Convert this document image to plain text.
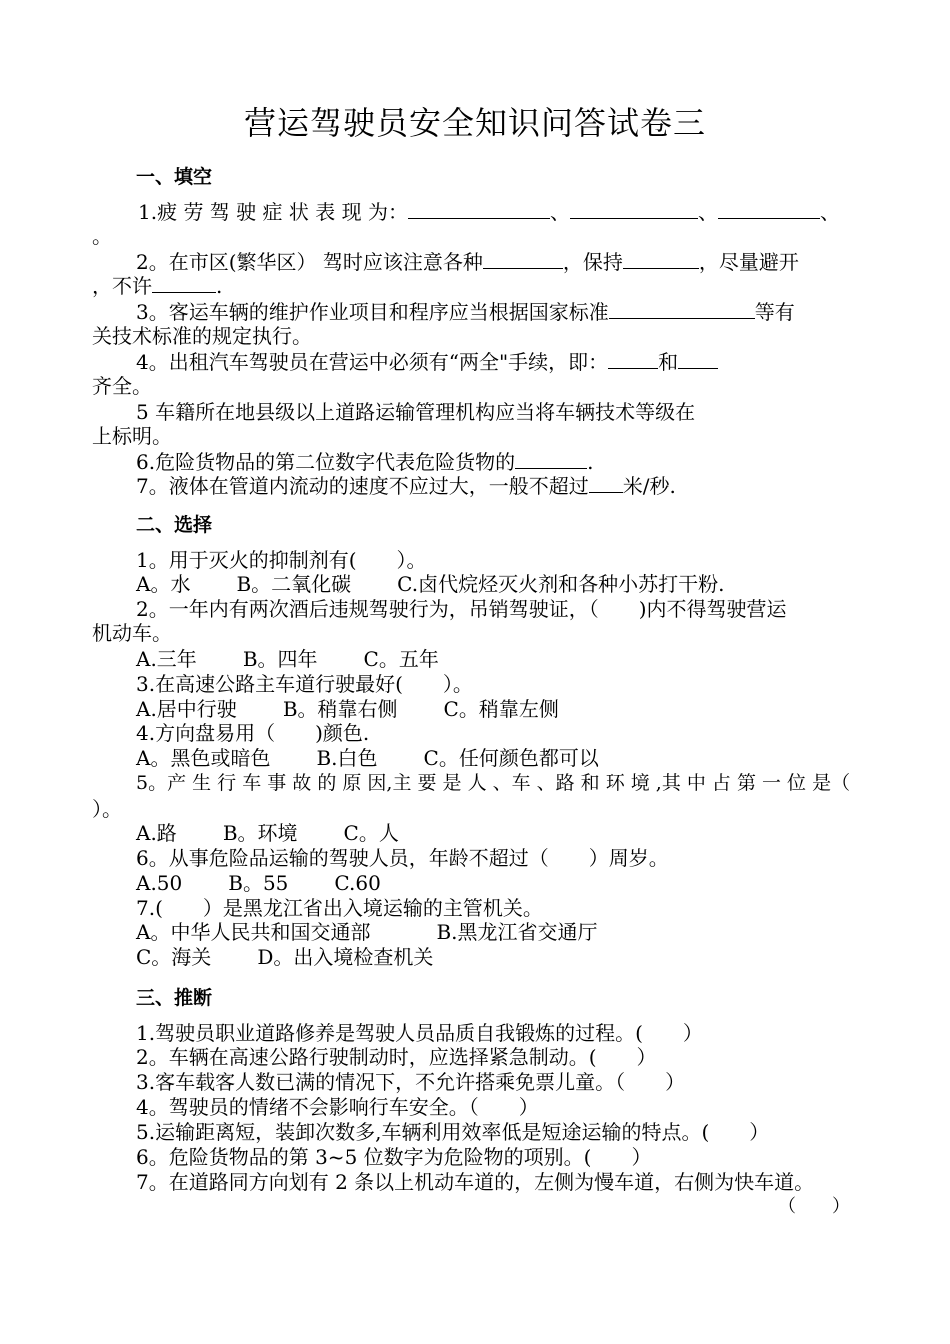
营运驾驶员安全知识问答试卷三
一、填空
1.疲 劳 驾 驶 症 状 表 现 为：	、	、	、
。
2。在市区(繁华区） 驾时应该注意各种	，保持	，尽量避开
，不许	.
3。客运车辆的维护作业项目和程序应当根据国家标准	等有
关技术标准的规定执行。
4。出租汽车驾驶员在营运中必须有“两全"手续，即：	和
齐全。
5 车籍所在地县级以上道路运输管理机构应当将车辆技术等级在
上标明。
6.危险货物品的第二位数字代表危险货物的	.
7。液体在管道内流动的速度不应过大，一般不超过 米/秒.
二、选择
1。用于灭火的抑制剂有(　　）。
A。水 B。二氧化碳 C.卤代烷烃灭火剂和各种小苏打干粉.
2。一年内有两次酒后违规驾驶行为，吊销驾驶证，（　　)内不得驾驶营运
机动车。
A.三年 B。四年 C。五年
3.在高速公路主车道行驶最好(　　）。
A.居中行驶 B。稍靠右侧 C。稍靠左侧
4.方向盘易用（　　)颜色.
A。黑色或暗色 B.白色 C。任何颜色都可以
5。产 生 行 车 事 故 的 原 因,主 要 是 人 、车 、路 和 环 境 ,其 中 占 第 一 位 是（
）。
A.路 B。环境 C。人
6。从事危险品运输的驾驶人员，年龄不超过（　　）周岁。
A.50 B。55 C.60
7.(　　）是黑龙江省出入境运输的主管机关。
A。中华人民共和国交通部	B.黑龙江省交通厅
C。海关 D。出入境检查机关
三、推断
1.驾驶员职业道路修养是驾驶人员品质自我锻炼的过程。(　　）
2。车辆在高速公路行驶制动时，应选择紧急制动。(　　）
3.客车载客人数已满的情况下，不允许搭乘免票儿童。（　　）
4。驾驶员的情绪不会影响行车安全。（　　）
5.运输距离短，装卸次数多,车辆利用效率低是短途运输的特点。(　　）
6。危险货物品的第 3~5 位数字为危险物的项别。(　　）
7。在道路同方向划有 2 条以上机动车道的，左侧为慢车道，右侧为快车道。
（　　）
